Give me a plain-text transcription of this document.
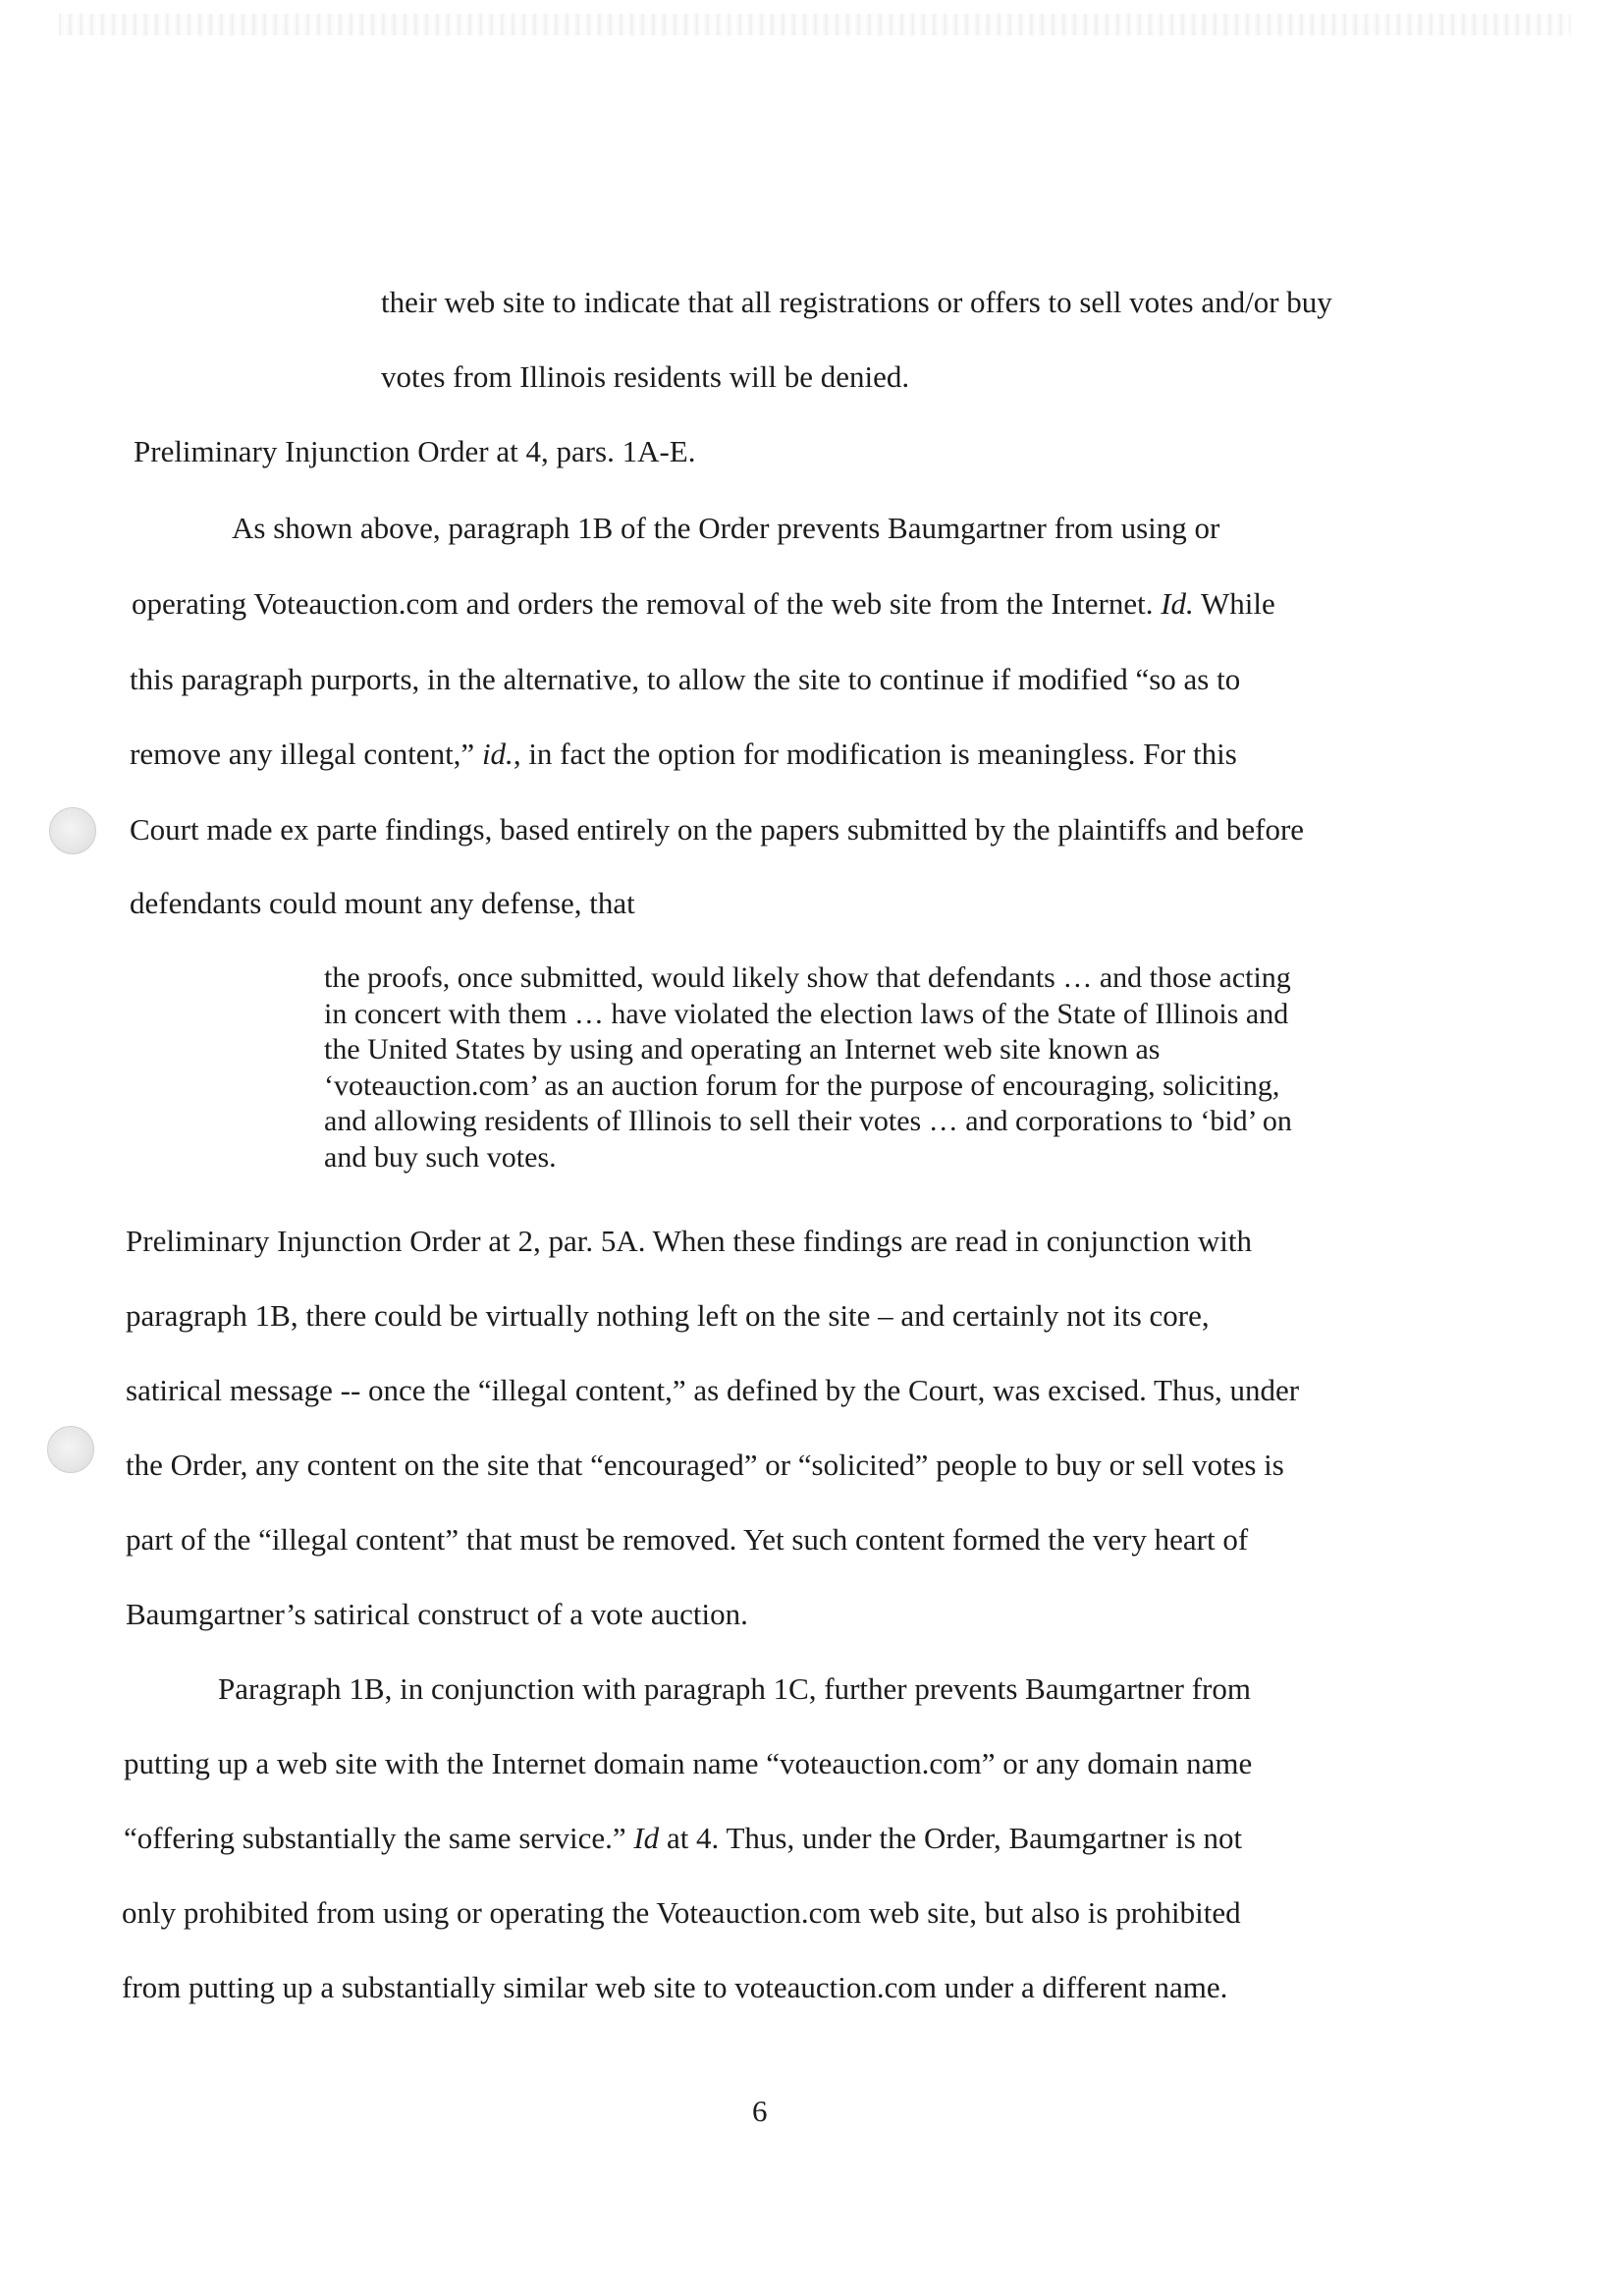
their web site to indicate that all registrations or offers to sell votes and/or buy
votes from Illinois residents will be denied.
Preliminary Injunction Order at 4, pars. 1A-E.
As shown above, paragraph 1B of the Order prevents Baumgartner from using or
operating Voteauction.com and orders the removal of the web site from the Internet. Id. While
this paragraph purports, in the alternative, to allow the site to continue if modified “so as to
remove any illegal content,” id., in fact the option for modification is meaningless. For this
Court made ex parte findings, based entirely on the papers submitted by the plaintiffs and before
defendants could mount any defense, that
the proofs, once submitted, would likely show that defendants … and those acting
in concert with them … have violated the election laws of the State of Illinois and
the United States by using and operating an Internet web site known as
‘voteauction.com’ as an auction forum for the purpose of encouraging, soliciting,
and allowing residents of Illinois to sell their votes … and corporations to ‘bid’ on
and buy such votes.
Preliminary Injunction Order at 2, par. 5A. When these findings are read in conjunction with
paragraph 1B, there could be virtually nothing left on the site – and certainly not its core,
satirical message -- once the “illegal content,” as defined by the Court, was excised. Thus, under
the Order, any content on the site that “encouraged” or “solicited” people to buy or sell votes is
part of the “illegal content” that must be removed. Yet such content formed the very heart of
Baumgartner’s satirical construct of a vote auction.
Paragraph 1B, in conjunction with paragraph 1C, further prevents Baumgartner from
putting up a web site with the Internet domain name “voteauction.com” or any domain name
“offering substantially the same service.” Id at 4. Thus, under the Order, Baumgartner is not
only prohibited from using or operating the Voteauction.com web site, but also is prohibited
from putting up a substantially similar web site to voteauction.com under a different name.
6
